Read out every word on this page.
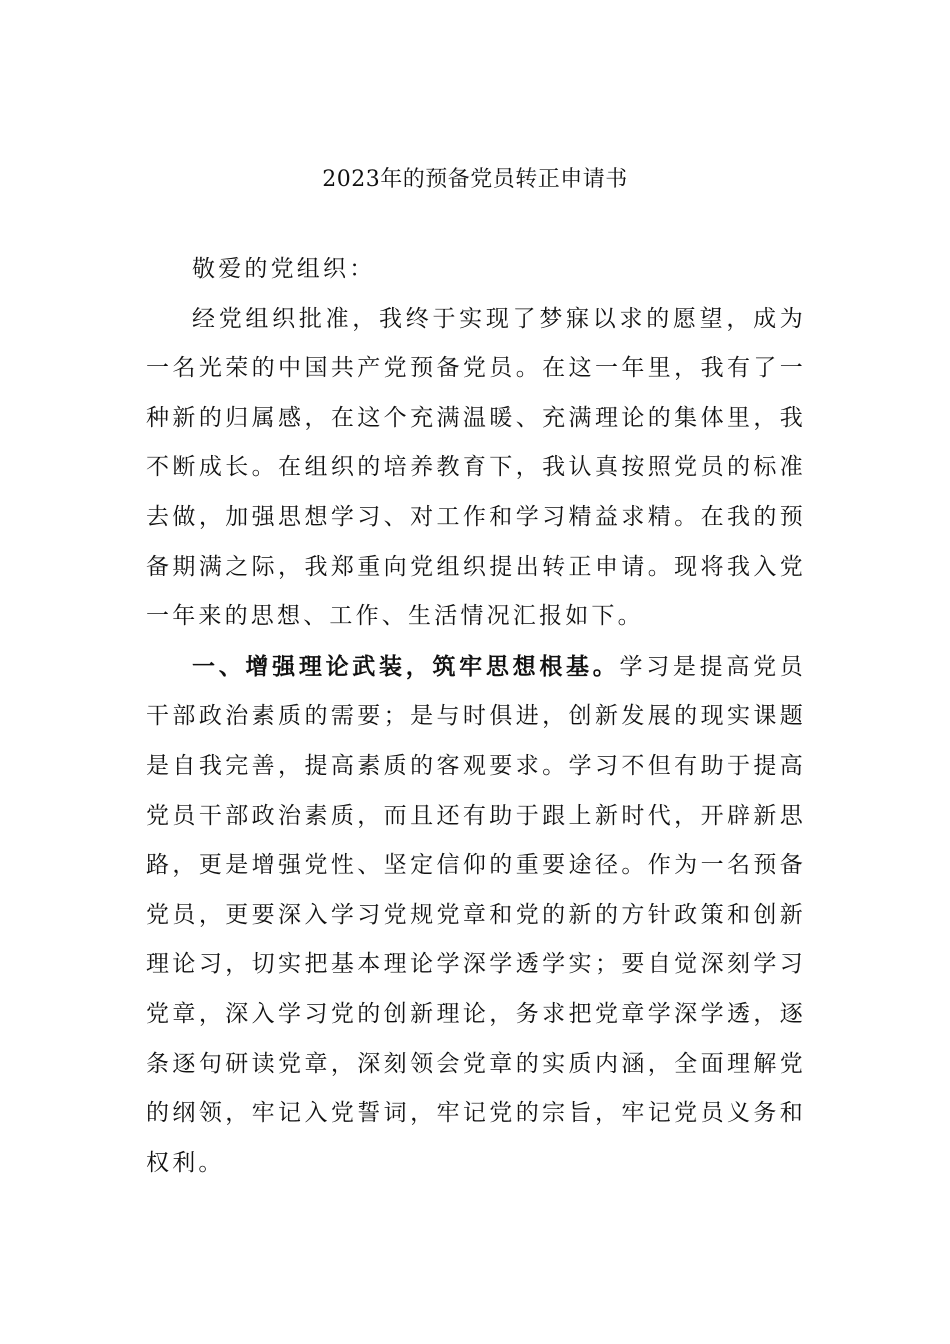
2023年的预备党员转正申请书

敬爱的党组织：

经党组织批准，我终于实现了梦寐以求的愿望，成为一名光荣的中国共产党预备党员。在这一年里，我有了一种新的归属感，在这个充满温暖、充满理论的集体里，我不断成长。在组织的培养教育下，我认真按照党员的标准去做，加强思想学习、对工作和学习精益求精。在我的预备期满之际，我郑重向党组织提出转正申请。现将我入党一年来的思想、工作、生活情况汇报如下。

一、增强理论武装，筑牢思想根基。学习是提高党员干部政治素质的需要；是与时俱进，创新发展的现实课题是自我完善，提高素质的客观要求。学习不但有助于提高党员干部政治素质，而且还有助于跟上新时代，开辟新思路，更是增强党性、坚定信仰的重要途径。作为一名预备党员，更要深入学习党规党章和党的新的方针政策和创新理论习，切实把基本理论学深学透学实；要自觉深刻学习党章，深入学习党的创新理论，务求把党章学深学透，逐条逐句研读党章，深刻领会党章的实质内涵，全面理解党的纲领，牢记入党誓词，牢记党的宗旨，牢记党员义务和权利。
